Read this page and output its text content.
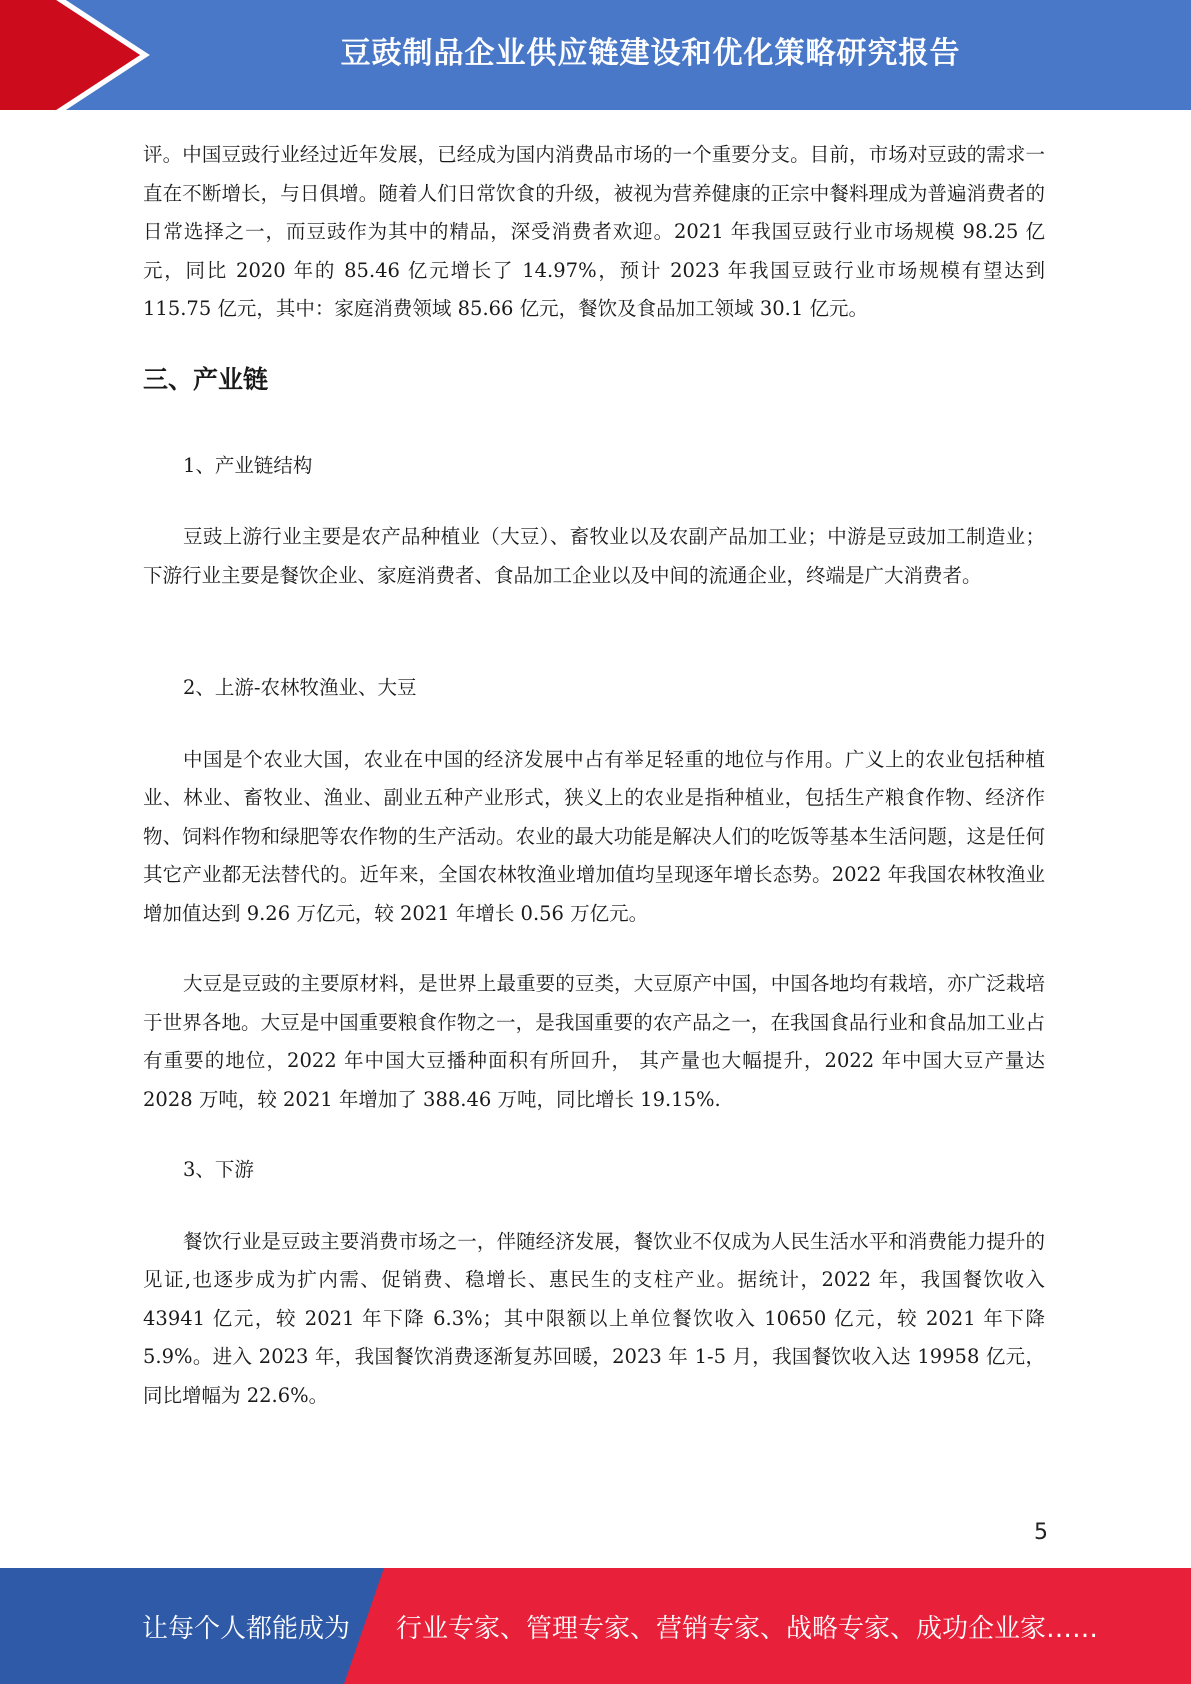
豆豉制品企业供应链建设和优化策略研究报告

评。中国豆豉行业经过近年发展，已经成为国内消费品市场的一个重要分支。目前，市场对豆豉的需求一直在不断增长，与日俱增。随着人们日常饮食的升级，被视为营养健康的正宗中餐料理成为普遍消费者的日常选择之一，而豆豉作为其中的精品，深受消费者欢迎。2021 年我国豆豉行业市场规模 98.25 亿元，同比 2020 年的 85.46 亿元增长了 14.97%，预计 2023 年我国豆豉行业市场规模有望达到 115.75 亿元，其中：家庭消费领域 85.66 亿元，餐饮及食品加工领域 30.1 亿元。

三、产业链

1、产业链结构

豆豉上游行业主要是农产品种植业（大豆）、畜牧业以及农副产品加工业；中游是豆豉加工制造业；下游行业主要是餐饮企业、家庭消费者、食品加工企业以及中间的流通企业，终端是广大消费者。

2、上游-农林牧渔业、大豆

中国是个农业大国，农业在中国的经济发展中占有举足轻重的地位与作用。广义上的农业包括种植业、林业、畜牧业、渔业、副业五种产业形式，狭义上的农业是指种植业，包括生产粮食作物、经济作物、饲料作物和绿肥等农作物的生产活动。农业的最大功能是解决人们的吃饭等基本生活问题，这是任何其它产业都无法替代的。近年来，全国农林牧渔业增加值均呈现逐年增长态势。2022 年我国农林牧渔业增加值达到 9.26 万亿元，较 2021 年增长 0.56 万亿元。

大豆是豆豉的主要原材料，是世界上最重要的豆类，大豆原产中国，中国各地均有栽培，亦广泛栽培于世界各地。大豆是中国重要粮食作物之一，是我国重要的农产品之一，在我国食品行业和食品加工业占有重要的地位，2022 年中国大豆播种面积有所回升， 其产量也大幅提升，2022 年中国大豆产量达 2028 万吨，较 2021 年增加了 388.46 万吨，同比增长 19.15%.

3、下游

餐饮行业是豆豉主要消费市场之一，伴随经济发展，餐饮业不仅成为人民生活水平和消费能力提升的见证,也逐步成为扩内需、促销费、稳增长、惠民生的支柱产业。据统计，2022 年，我国餐饮收入 43941 亿元，较 2021 年下降 6.3%；其中限额以上单位餐饮收入 10650 亿元，较 2021 年下降 5.9%。进入 2023 年，我国餐饮消费逐渐复苏回暖，2023 年 1-5 月，我国餐饮收入达 19958 亿元，同比增幅为 22.6%。

5
让每个人都能成为 行业专家、管理专家、营销专家、战略专家、成功企业家……
